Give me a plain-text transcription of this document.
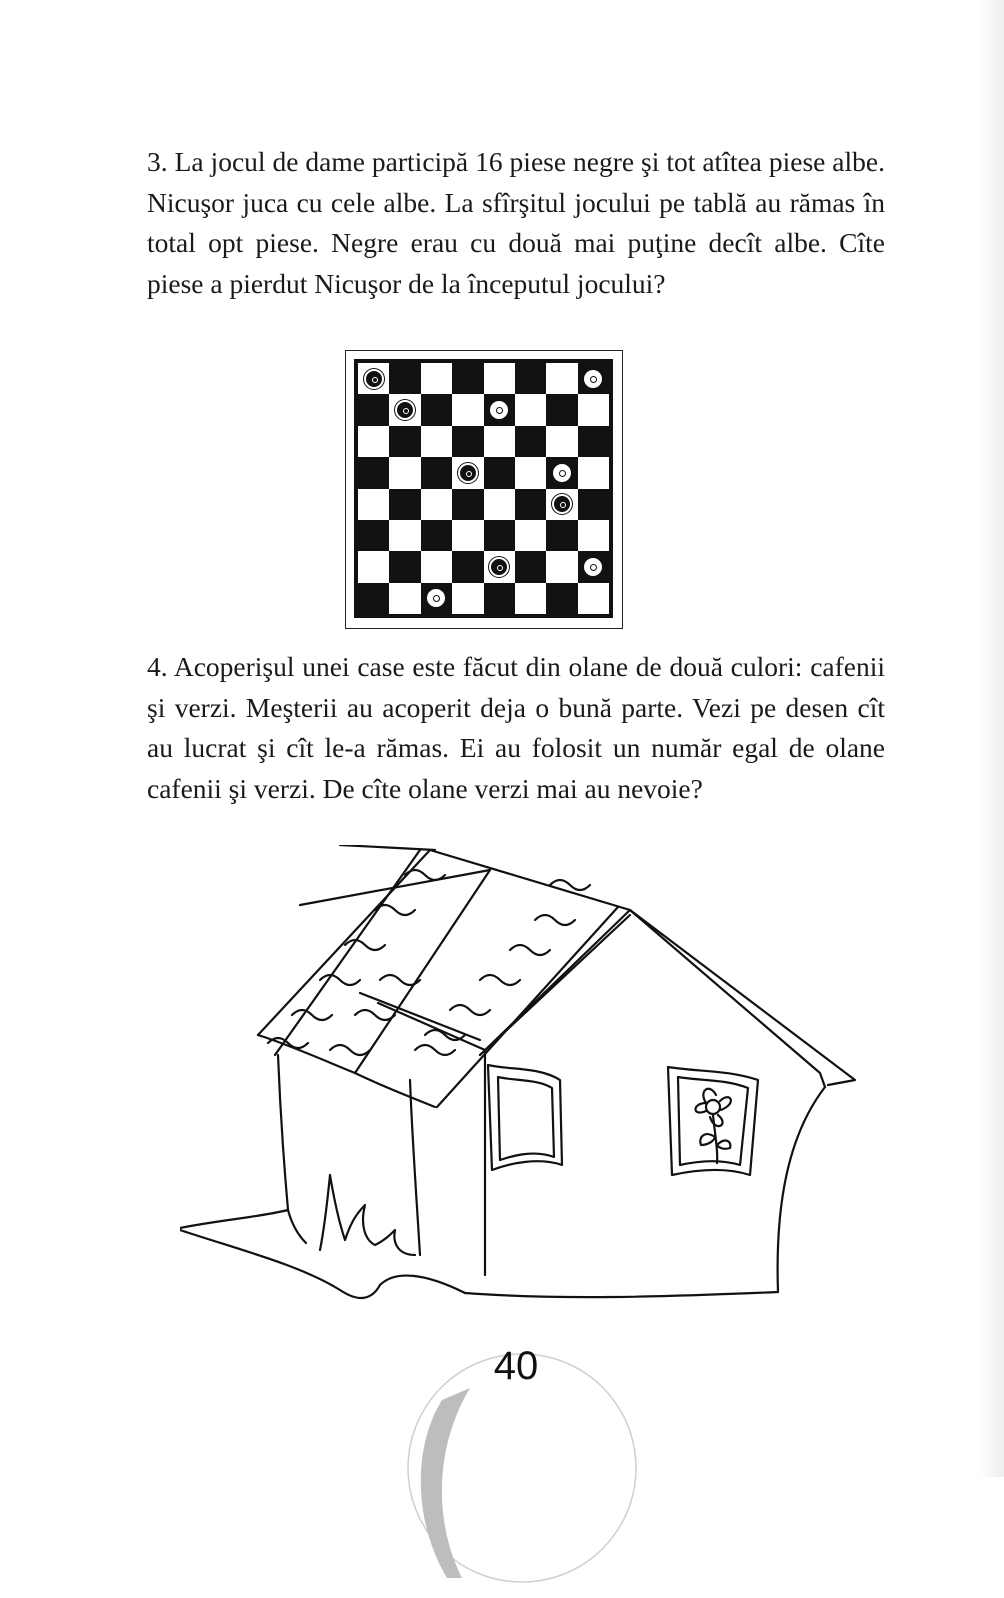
3. La jocul de dame participă 16 piese negre şi tot atîtea piese albe. Nicuşor juca cu cele albe. La sfîrşitul jocului pe tablă au rămas în total opt piese. Negre erau cu două mai puţine decît albe. Cîte piese a pierdut Nicuşor de la începutul jocului?

4. Acoperişul unei case este făcut din olane de două culori: cafenii şi verzi. Meşterii au acoperit deja o bună parte. Vezi pe desen cît au lucrat şi cît le-a rămas. Ei au folosit un număr egal de olane cafenii şi verzi. De cîte olane verzi mai au nevoie?

40
